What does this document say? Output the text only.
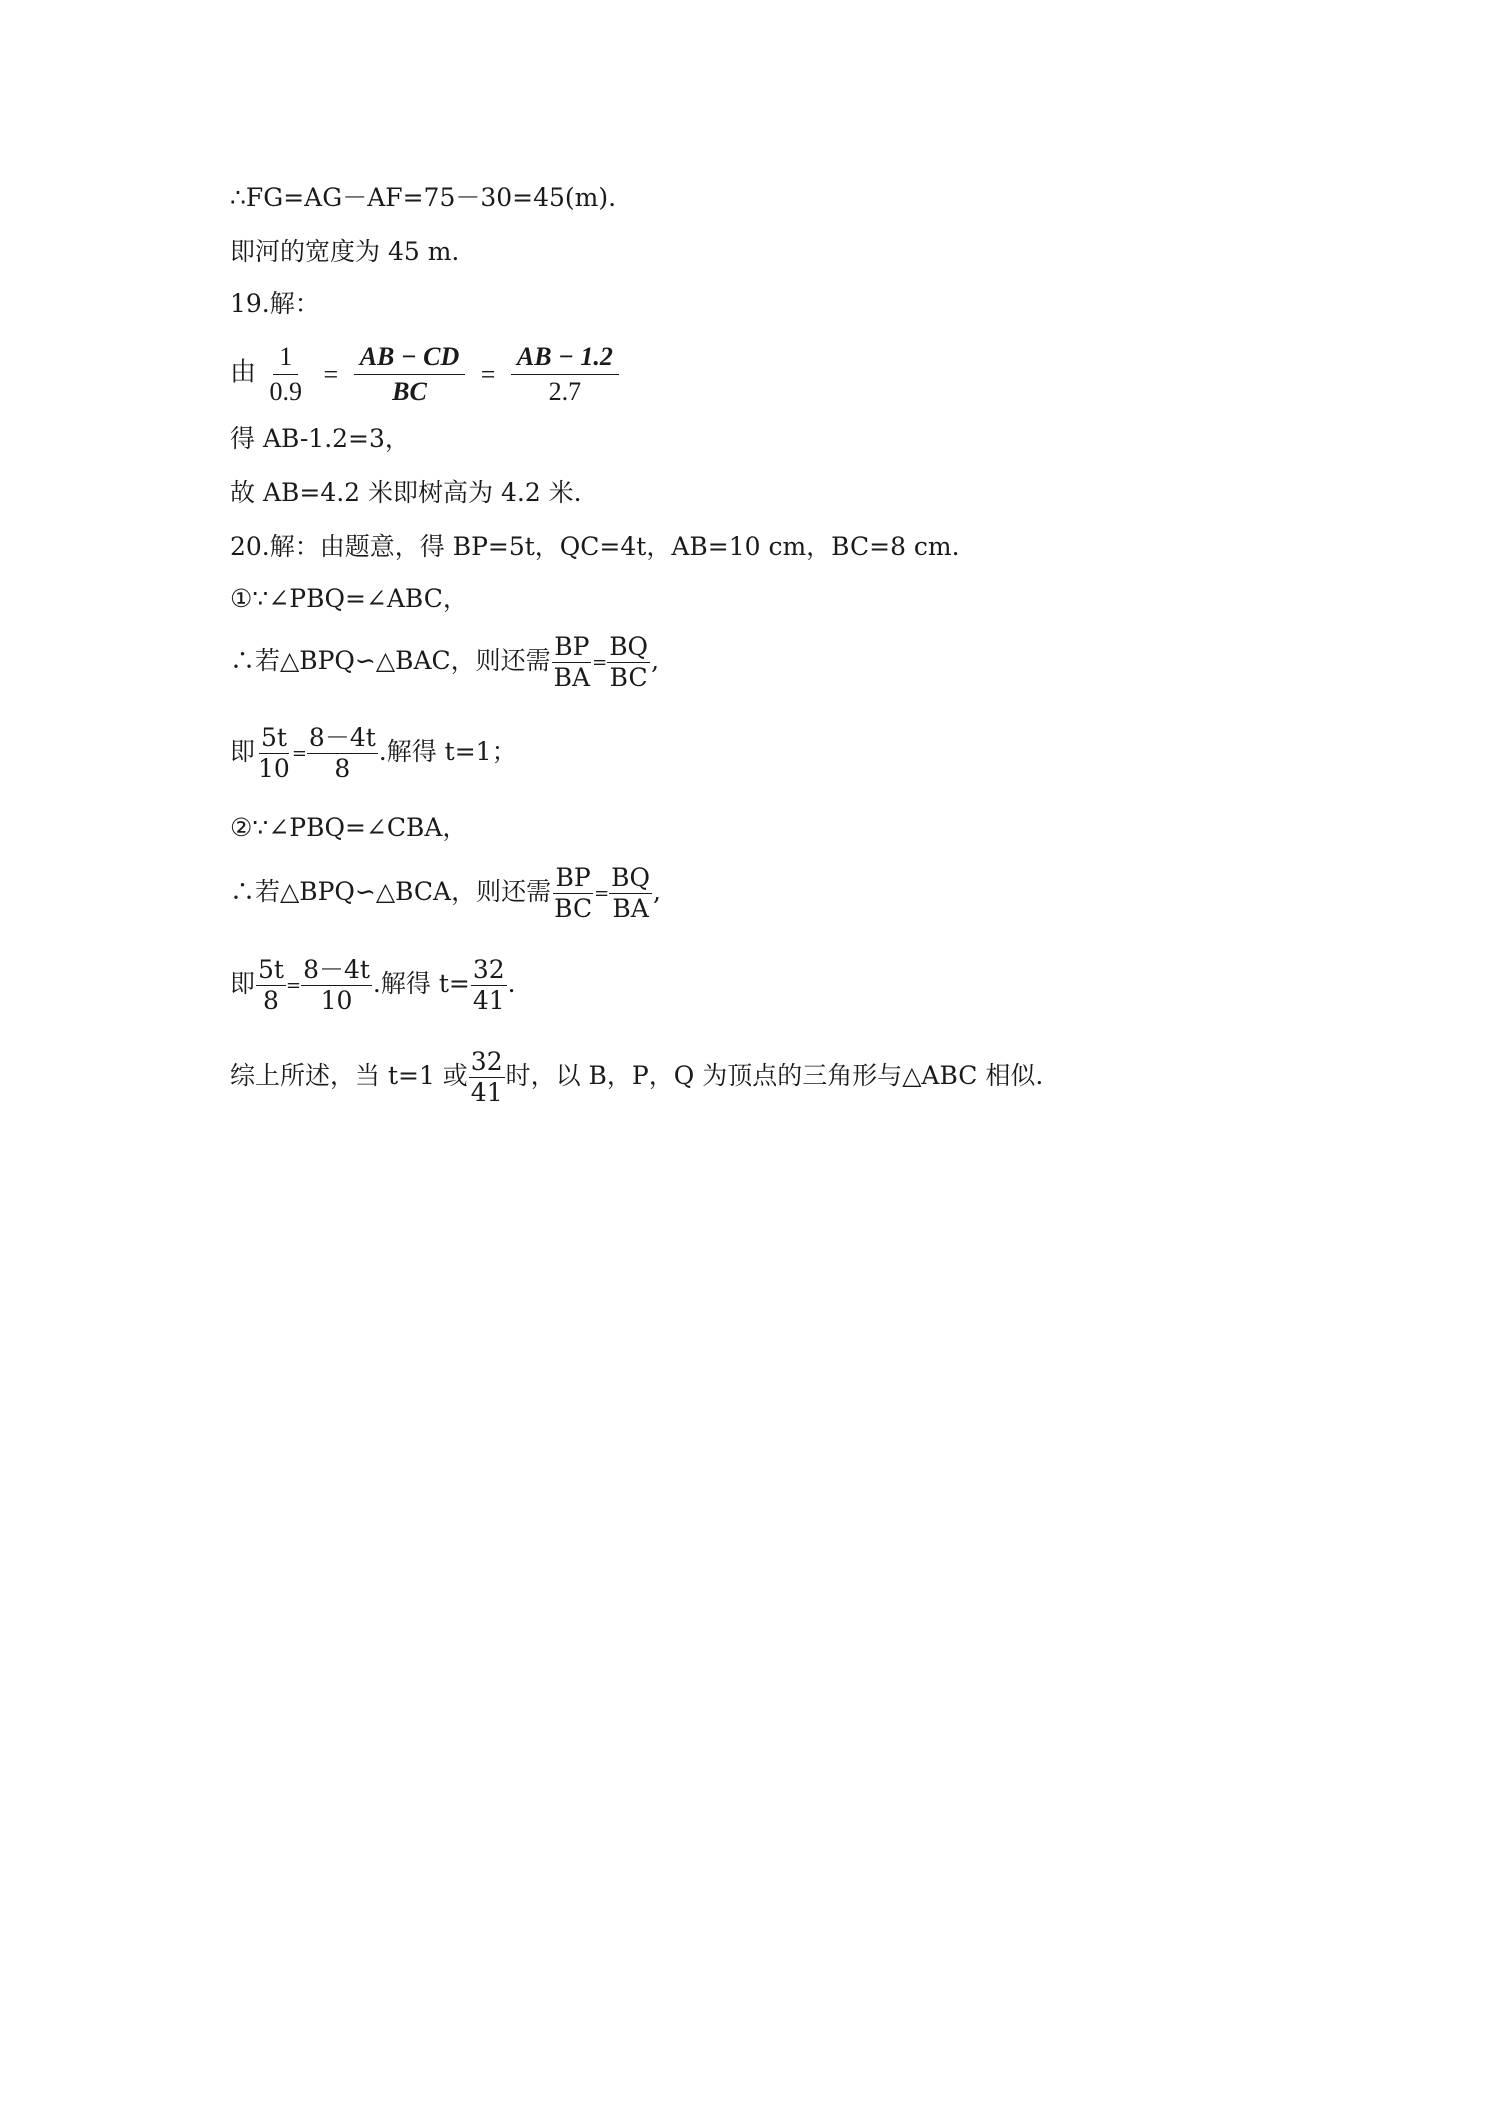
∴FG=AG－AF=75－30=45(m).
即河的宽度为 45 m.
19.解：
由 $\frac{1}{0.9} = \frac{AB - CD}{BC} = \frac{AB - 1.2}{2.7}$
得 AB-1.2=3，
故 AB=4.2 米即树高为 4.2 米.
20.解：由题意，得 BP=5t，QC=4t，AB=10 cm，BC=8 cm.
①∵∠PBQ=∠ABC，
∴若△BPQ∽△BAC，则还需 $\frac{BP}{BA} = \frac{BQ}{BC}$ ,
即 $\frac{5t}{10} = \frac{8-4t}{8}$ .解得 t=1；
②∵∠PBQ=∠CBA，
∴若△BPQ∽△BCA，则还需 $\frac{BP}{BC} = \frac{BQ}{BA}$ ,
即 $\frac{5t}{8} = \frac{8-4t}{10}$ .解得 $t= \frac{32}{41}$ .
综上所述，当 t=1 或 $\frac{32}{41}$ 时，以 B，P，Q 为顶点的三角形与△ABC 相似.
